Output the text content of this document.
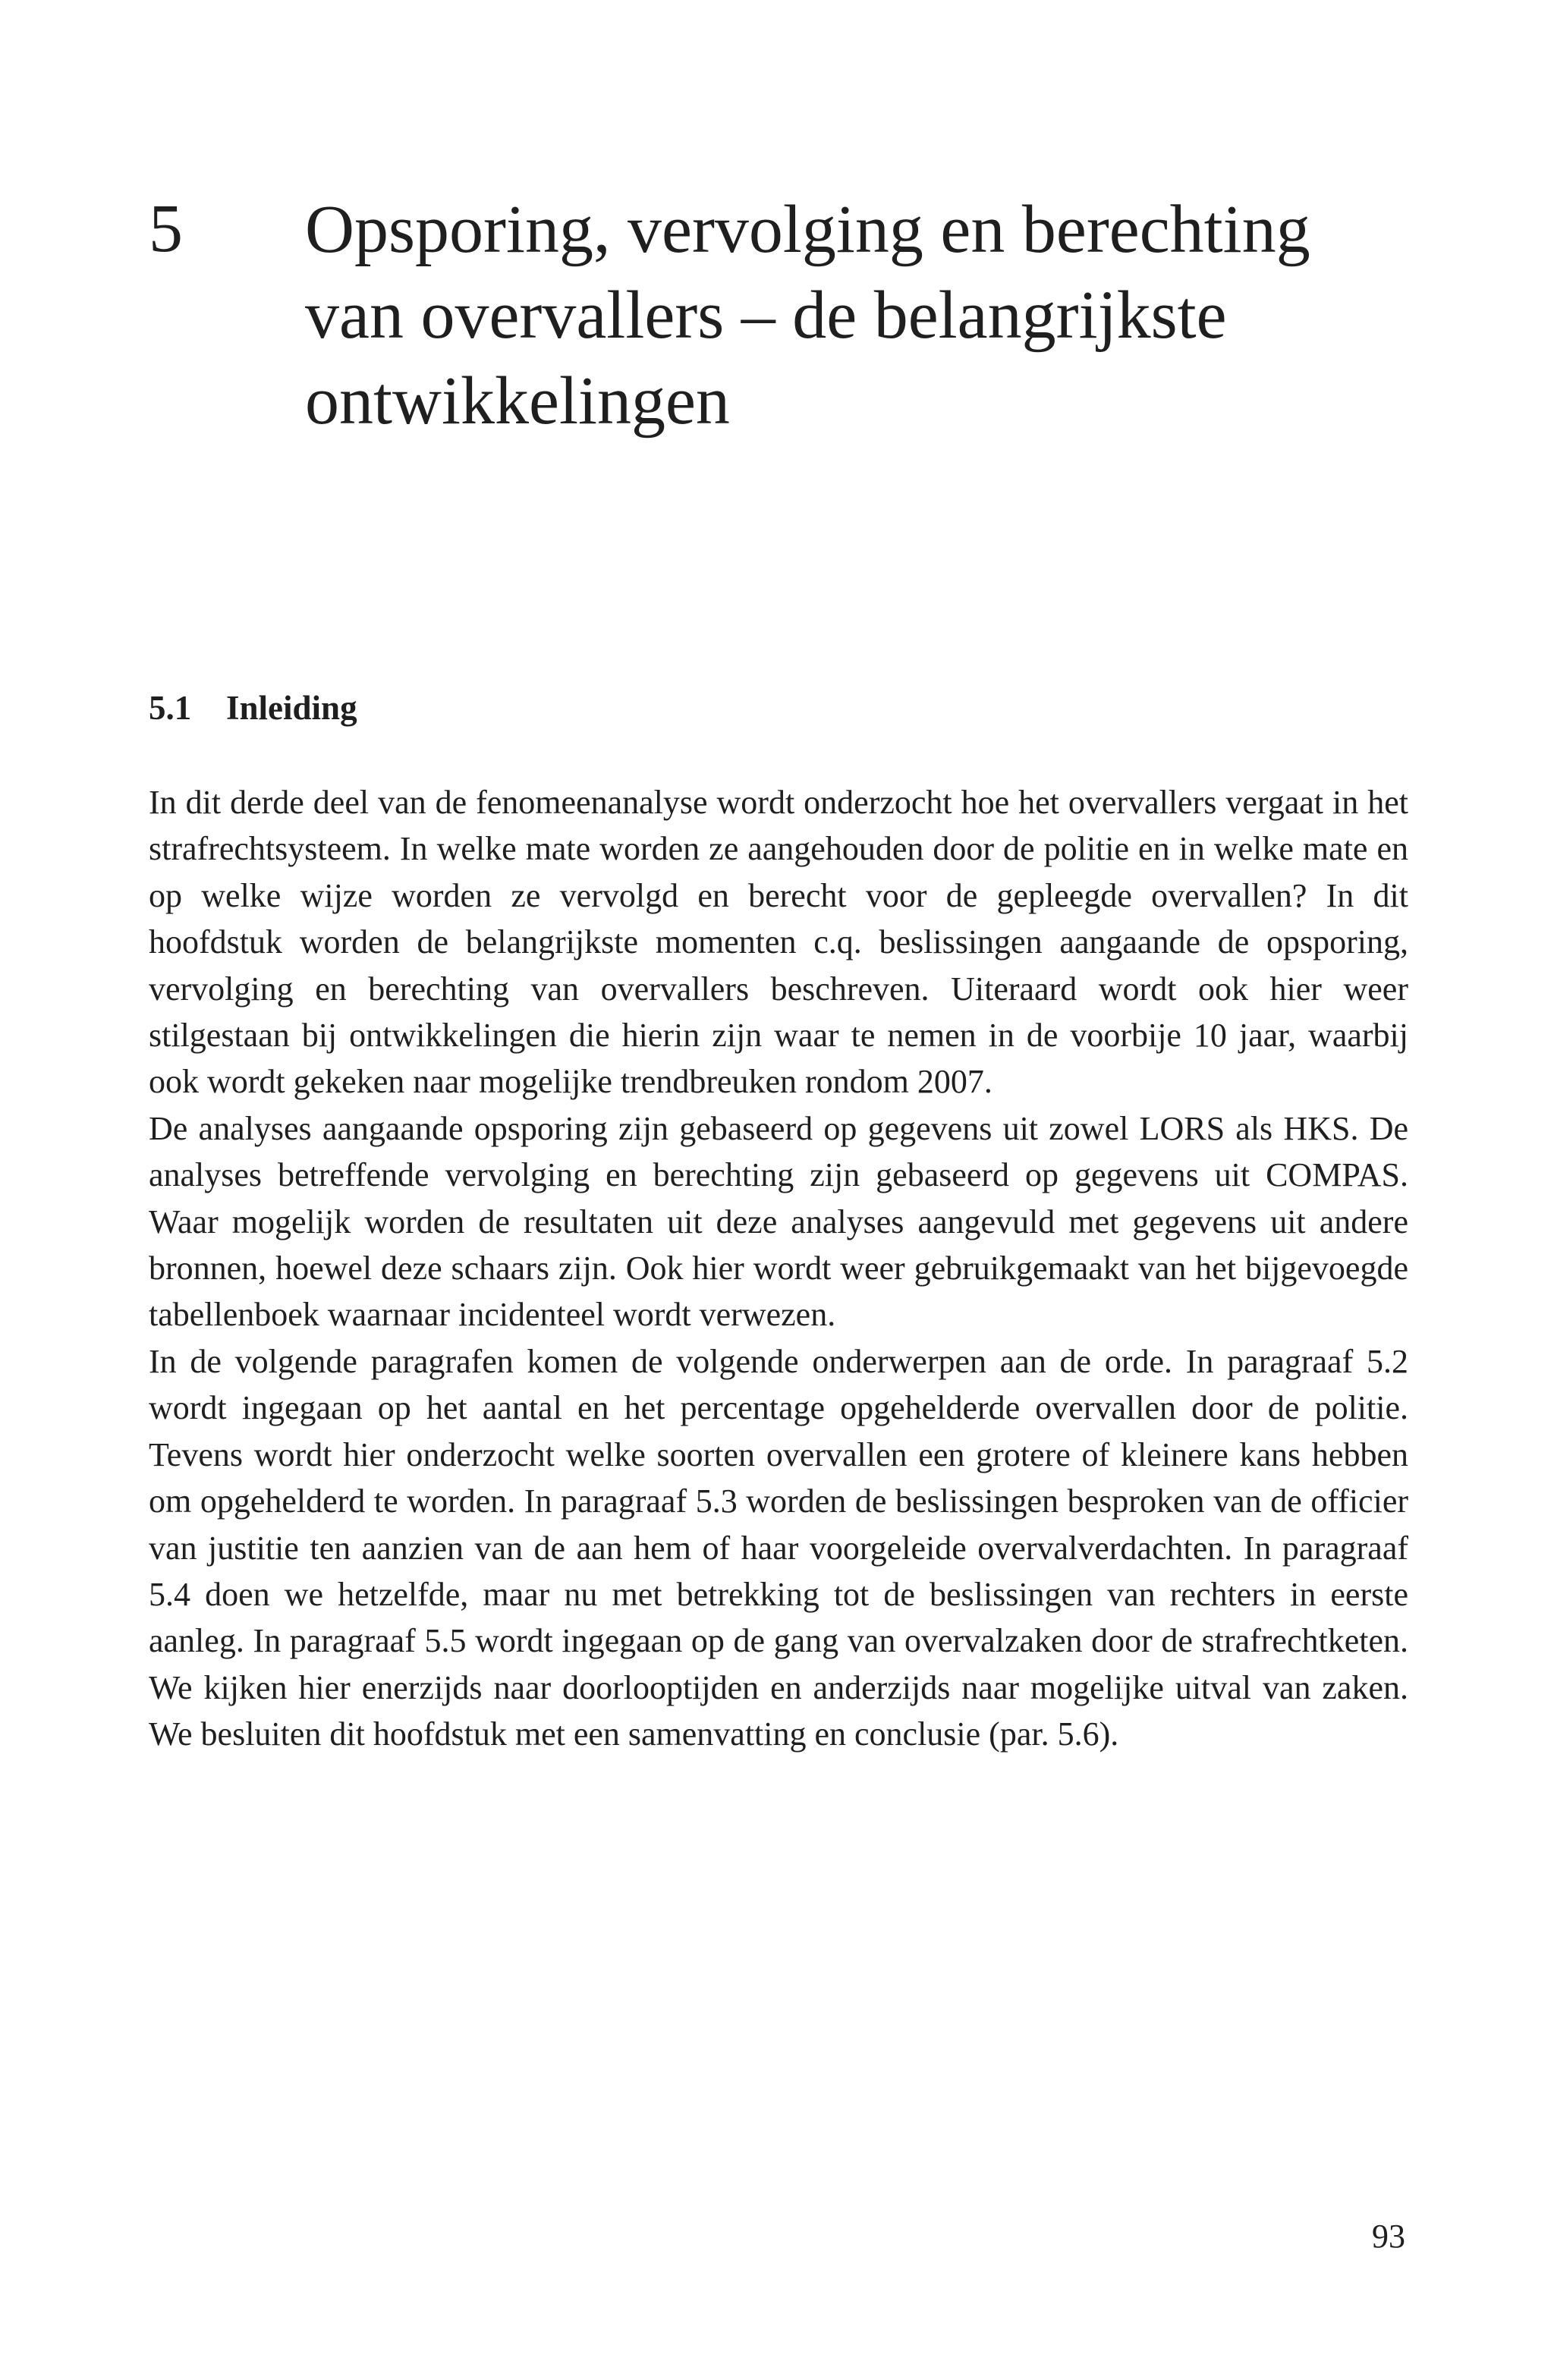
5 Opsporing, vervolging en berechting
van overvallers – de belangrijkste
ontwikkelingen
5.1 Inleiding

In dit derde deel van de fenomeenanalyse wordt onderzocht hoe het overvallers vergaat in het strafrechtsysteem. In welke mate worden ze aangehouden door de politie en in welke mate en op welke wijze worden ze vervolgd en berecht voor de gepleegde overvallen? In dit hoofdstuk worden de belangrijkste momenten c.q. beslissingen aangaande de opsporing, vervolging en berechting van overvallers beschreven. Uiteraard wordt ook hier weer stilgestaan bij ontwikkelingen die hierin zijn waar te nemen in de voorbije 10 jaar, waarbij ook wordt gekeken naar mogelijke trendbreuken rondom 2007.

De analyses aangaande opsporing zijn gebaseerd op gegevens uit zowel LORS als HKS. De analyses betreffende vervolging en berechting zijn gebaseerd op gegevens uit COMPAS. Waar mogelijk worden de resultaten uit deze analyses aangevuld met gegevens uit andere bronnen, hoewel deze schaars zijn. Ook hier wordt weer gebruikgemaakt van het bijgevoegde tabellenboek waarnaar incidenteel wordt verwezen.

In de volgende paragrafen komen de volgende onderwerpen aan de orde. In paragraaf 5.2 wordt ingegaan op het aantal en het percentage opgehelderde overvallen door de politie. Tevens wordt hier onderzocht welke soorten overvallen een grotere of kleinere kans hebben om opgehelderd te worden. In paragraaf 5.3 worden de beslissingen besproken van de officier van justitie ten aanzien van de aan hem of haar voorgeleide overvalverdachten. In paragraaf 5.4 doen we hetzelfde, maar nu met betrekking tot de beslissingen van rechters in eerste aanleg. In paragraaf 5.5 wordt ingegaan op de gang van overvalzaken door de strafrechtketen. We kijken hier enerzijds naar doorlooptijden en anderzijds naar mogelijke uitval van zaken. We besluiten dit hoofdstuk met een samenvatting en conclusie (par. 5.6).

93
